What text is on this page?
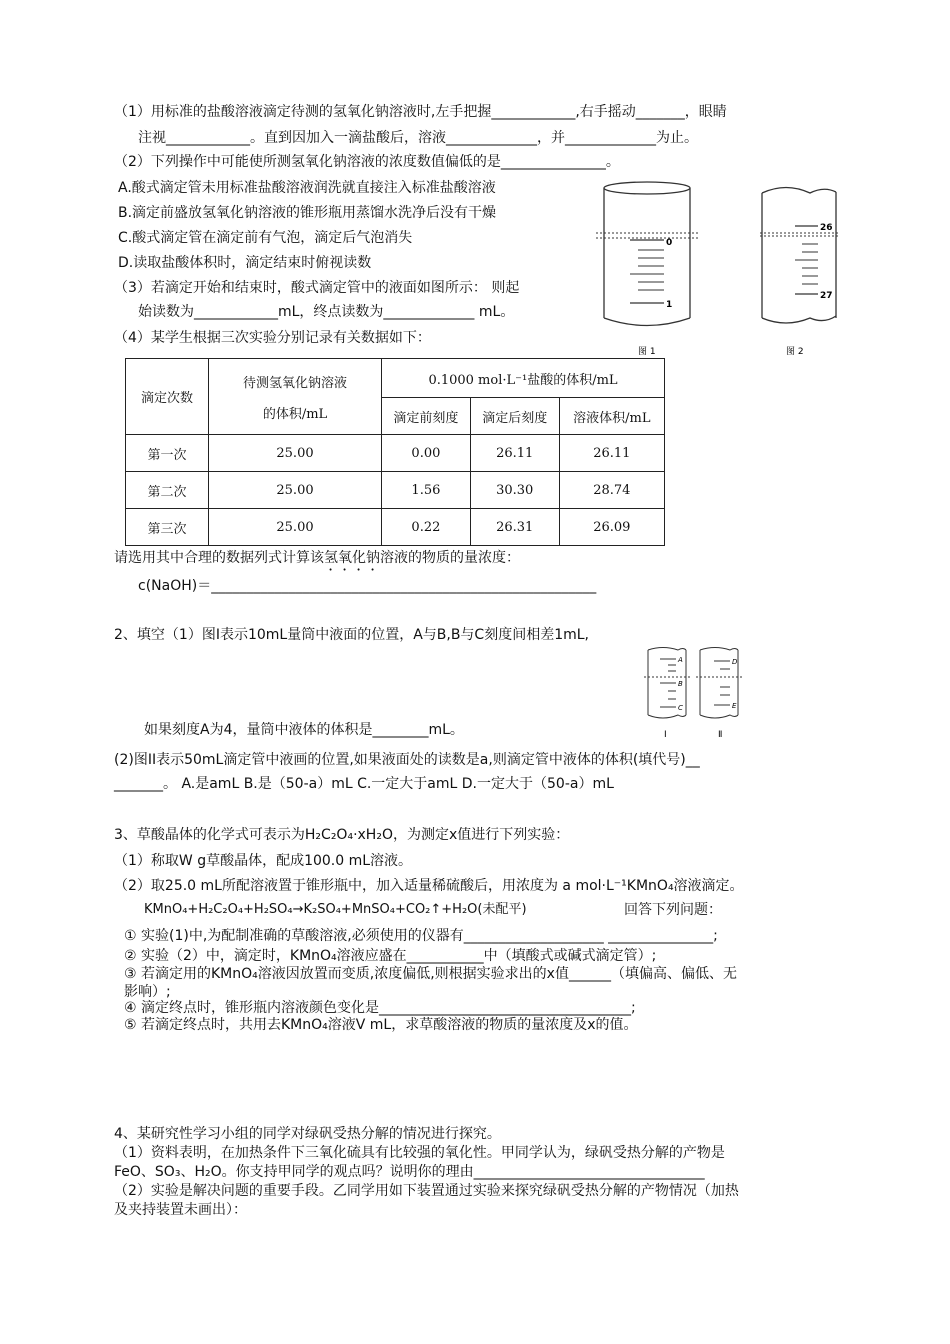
（1）用标准的盐酸溶液滴定待测的氢氧化钠溶液时,左手把握____________,右手摇动_______，眼睛
注视____________。直到因加入一滴盐酸后，溶液_____________，并_____________为止。
（2）下列操作中可能使所测氢氧化钠溶液的浓度数值偏低的是_______________。
A.酸式滴定管未用标准盐酸溶液润洗就直接注入标准盐酸溶液
B.滴定前盛放氢氧化钠溶液的锥形瓶用蒸馏水洗净后没有干燥
C.酸式滴定管在滴定前有气泡，滴定后气泡消失
D.读取盐酸体积时，滴定结束时俯视读数
（3）若滴定开始和结束时，酸式滴定管中的液面如图所示： 则起
始读数为____________mL，终点读数为_____________ mL。
（4）某学生根据三次实验分别记录有关数据如下：
0
1
26
27
图 1	图 2
滴定次数	待测氢氧化钠溶液
的体积/mL	0.1000 mol·L⁻¹盐酸的体积/mL		
		滴定前刻度	滴定后刻度	溶液体积/mL
第一次	25.00	0.00	26.11	26.11
第二次	25.00	1.56	30.30	28.74
第三次	25.00	0.22	26.31	26.09
请选用其中合理的数据列式计算该氢氧化钠溶液的物质的量浓度：
c(NaOH)＝_______________________________________________________
2、填空（1）图Ⅰ表示10mL量筒中液面的位置，A与B,B与C刻度间相差1mL,
A
B
C
D
E
Ⅰ	Ⅱ
如果刻度A为4，量筒中液体的体积是________mL。
(2)图II表示50mL滴定管中液画的位置,如果液面处的读数是a,则滴定管中液体的体积(填代号)__
_______。 A.是amL B.是（50-a）mL C.一定大于amL D.一定大于（50-a）mL
3、草酸晶体的化学式可表示为H₂C₂O₄·xH₂O，为测定x值进行下列实验：
（1）称取W g草酸晶体，配成100.0 mL溶液。
（2）取25.0 mL所配溶液置于锥形瓶中，加入适量稀硫酸后，用浓度为 a mol·L⁻¹KMnO₄溶液滴定。
KMnO₄+H₂C₂O₄+H₂SO₄→K₂SO₄+MnSO₄+CO₂↑+H₂O(未配平)	回答下列问题：
① 实验(1)中,为配制准确的草酸溶液,必须使用的仪器有____________________ _______________;
② 实验（2）中，滴定时，KMnO₄溶液应盛在___________中（填酸式或碱式滴定管）;
③ 若滴定用的KMnO₄溶液因放置而变质,浓度偏低,则根据实验求出的x值______（填偏高、偏低、无
影响）;
④ 滴定终点时，锥形瓶内溶液颜色变化是____________________________________;
⑤ 若滴定终点时，共用去KMnO₄溶液V mL，求草酸溶液的物质的量浓度及x的值。
4、某研究性学习小组的同学对绿矾受热分解的情况进行探究。
（1）资料表明，在加热条件下三氧化硫具有比较强的氧化性。甲同学认为，绿矾受热分解的产物是
FeO、SO₃、H₂O。你支持甲同学的观点吗？说明你的理由_________________________________
（2）实验是解决问题的重要手段。乙同学用如下装置通过实验来探究绿矾受热分解的产物情况（加热
及夹持装置未画出）：
